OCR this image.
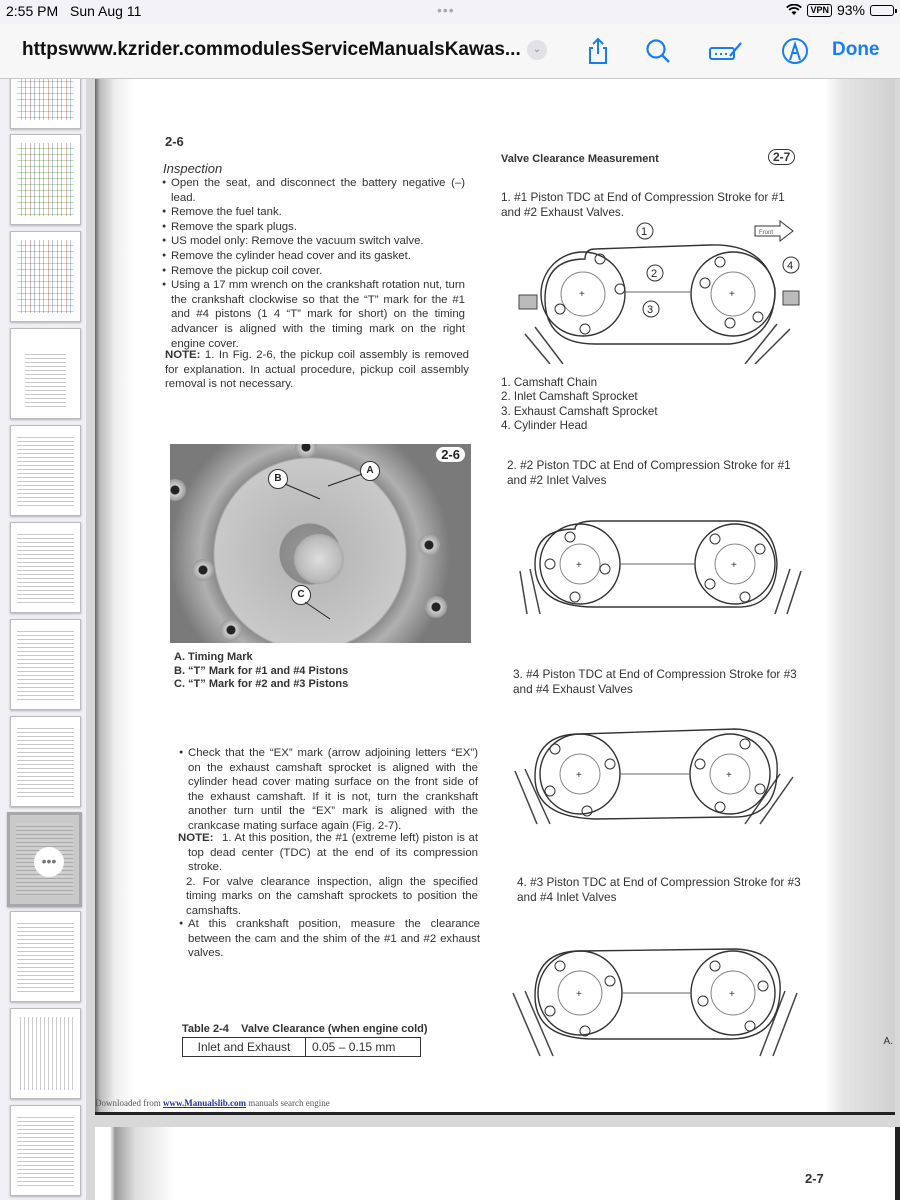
2:55 PM Sun Aug 11	•••	VPN 93%
httpswww.kzrider.commodulesServiceManualsKawas...	⌄	Done
•••
A.
2-6
Inspection
● Open the seat, and disconnect the battery negative (–) lead.
● Remove the fuel tank.
● Remove the spark plugs.
● US model only: Remove the vacuum switch valve.
● Remove the cylinder head cover and its gasket.
● Remove the pickup coil cover.
● Using a 17 mm wrench on the crankshaft rotation nut, turn the crankshaft clockwise so that the “T” mark for the #1 and #4 pistons (1 4 “T” mark for short) on the timing advancer is aligned with the timing mark on the right engine cover.
NOTE: 1. In Fig. 2-6, the pickup coil assembly is removed for explanation. In actual procedure, pickup coil assembly removal is not necessary.
2-6
A
B
C
A. Timing Mark
B. “T” Mark for #1 and #4 Pistons
C. “T” Mark for #2 and #3 Pistons
● Check that the “EX” mark (arrow adjoining letters “EX”) on the exhaust camshaft sprocket is aligned with the cylinder head cover mating surface on the front side of the exhaust camshaft. If it is not, turn the crankshaft another turn until the “EX” mark is aligned with the crankcase mating surface again (Fig. 2-7).
NOTE: 1. At this position, the #1 (extreme left) piston is at top dead center (TDC) at the end of its compression stroke.
2. For valve clearance inspection, align the specified timing marks on the camshaft sprockets to position the camshafts.
● At this crankshaft position, measure the clearance between the cam and the shim of the #1 and #2 exhaust valves.
Table 2-4    Valve Clearance (when engine cold)
Inlet and Exhaust	0.05 – 0.15 mm
Downloaded from www.Manualslib.com manuals search engine
Valve Clearance Measurement	2-7
1. #1 Piston TDC at End of Compression Stroke for #1 and #2 Exhaust Valves.
+	+
1
2
3
4
Front
1. Camshaft Chain
2. Inlet Camshaft Sprocket
3. Exhaust Camshaft Sprocket
4. Cylinder Head
2. #2 Piston TDC at End of Compression Stroke for #1 and #2 Inlet Valves
+	+
3. #4 Piston TDC at End of Compression Stroke for #3 and #4 Exhaust Valves
+	+
4. #3 Piston TDC at End of Compression Stroke for #3 and #4 Inlet Valves
+	+
2-7
